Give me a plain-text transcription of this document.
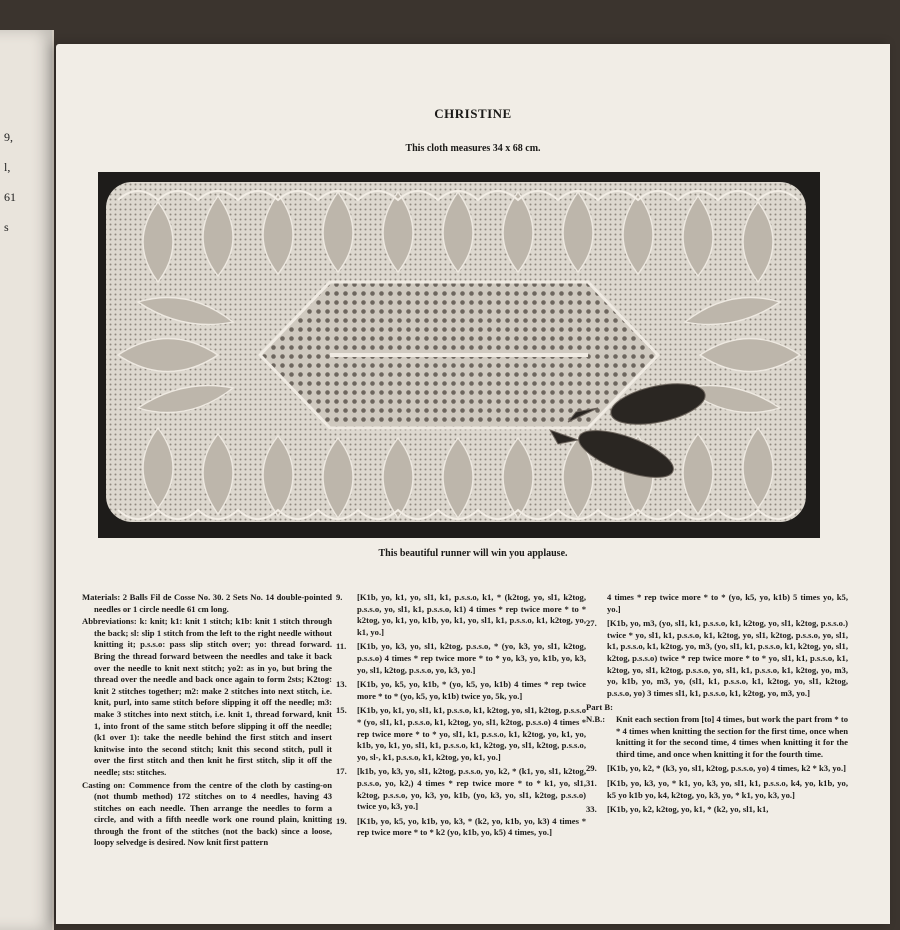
9,
l,
61
s
CHRISTINE
This cloth measures 34 x 68 cm.
This beautiful runner will win you applause.

Materials: 2 Balls Fil de Cosse No. 30. 2 Sets No. 14 double-pointed needles or 1 circle needle 61 cm long.

Abbreviations: k: knit; k1: knit 1 stitch; k1b: knit 1 stitch through the back; sl: slip 1 stitch from the left to the right needle without knitting it; p.s.s.o: pass slip stitch over; yo: thread forward. Bring the thread forward between the needles and take it back over the needle to knit next stitch; yo2: as in yo, but bring the thread over the needle and back once again to form 2sts; K2tog: knit 2 stitches together; m2: make 2 stitches into next stitch, i.e. knit, purl, into same stitch before slipping it off the needle; m3: make 3 stitches into next stitch, i.e. knit 1, thread forward, knit 1, into front of the same stitch before slipping it off the needle; (k1 over 1): take the needle behind the first stitch and insert knitwise into the second stitch; knit this second stitch, pull it over the first stitch and then knit he first stitch, slip it off the needle; sts: stitches.

Casting on: Commence from the centre of the cloth by casting-on (not thumb method) 172 stitches on to 4 needles, having 43 stitches on each needle. Then arrange the needles to form a circle, and with a fifth needle work one round plain, knitting through the front of the stitches (not the back) since a loose, loopy selvedge is desired. Now knit first pattern

9.	[K1b, yo, k1, yo, sl1, k1, p.s.s.o, k1, * (k2tog, yo, sl1, k2tog, p.s.s.o, yo, sl1, k1, p.s.s.o, k1) 4 times * rep twice more * to * k2tog, yo, k1, yo, k1b, yo, k1, yo, sl1, k1, p.s.s.o, k1, k2tog, yo, k1, yo.]
11.	[K1b, yo, k3, yo, sl1, k2tog, p.s.s.o, * (yo, k3, yo, sl1, k2tog, p.s.s.o) 4 times * rep twice more * to * yo, k3, yo, k1b, yo, k3, yo, sl1, k2tog, p.s.s.o, yo, k3, yo.]
13.	[K1b, yo, k5, yo, k1b, * (yo, k5, yo, k1b) 4 times * rep twice more * to * (yo, k5, yo, k1b) twice yo, 5k, yo.]
15.	[K1b, yo, k1, yo, sl1, k1, p.s.s.o, k1, k2tog, yo, sl1, k2tog, p.s.s.o * (yo, sl1, k1, p.s.s.o, k1, k2tog, yo, sl1, k2tog, p.s.s.o) 4 times * rep twice more * to * yo, sl1, k1, p.s.s.o, k1, k2tog, yo, k1, yo, k1b, yo, k1, yo, sl1, k1, p.s.s.o, k1, k2tog, yo, sl1, k2tog, p.s.s.o, yo, sl-, k1, p.s.s.o, k1, k2tog, yo, k1, yo.]
17.	[k1b, yo, k3, yo, sl1, k2tog, p.s.s.o, yo, k2, * (k1, yo, sl1, k2tog, p.s.s.o, yo, k2,) 4 times * rep twice more * to * k1, yo, sl1, k2tog, p.s.s.o, yo, k3, yo, k1b, (yo, k3, yo, sl1, k2tog, p.s.s.o) twice yo, k3, yo.]
19.	[K1b, yo, k5, yo, k1b, yo, k3, * (k2, yo, k1b, yo, k3) 4 times * rep twice more * to * k2 (yo, k1b, yo, k5) 4 times, yo.]
4 times * rep twice more * to * (yo, k5, yo, k1b) 5 times yo, k5, yo.]
27.	[K1b, yo, m3, (yo, sl1, k1, p.s.s.o, k1, k2tog, yo, sl1, k2tog, p.s.s.o.) twice * yo, sl1, k1, p.s.s.o, k1, k2tog, yo, sl1, k2tog, p.s.s.o, yo, sl1, k1, p.s.s.o, k1, k2tog, yo, m3, (yo, sl1, k1, p.s.s.o, k1, k2tog, yo, sl1, k2tog, p.s.s.o) twice * rep twice more * to * yo, sl1, k1, p.s.s.o, k1, k2tog, yo, sl1, k2tog, p.s.s.o, yo, sl1, k1, p.s.s.o, k1, k2tog, yo, m3, yo, k1b, yo, m3, yo, (sl1, k1, p.s.s.o, k1, k2tog, yo, sl1, k2tog, p.s.s.o, yo) 3 times sl1, k1, p.s.s.o, k1, k2tog, yo, m3, yo.]
Part B:
N.B.:	Knit each section from [to] 4 times, but work the part from * to * 4 times when knitting the section for the first time, once when knitting it for the second time, 4 times when knitting it for the third time, and once when knitting it for the fourth time.
29.	[K1b, yo, k2, * (k3, yo, sl1, k2tog, p.s.s.o, yo) 4 times, k2 * k3, yo.]
31.	[K1b, yo, k3, yo, * k1, yo, k3, yo, sl1, k1, p.s.s.o, k4, yo, k1b, yo, k5 yo k1b yo, k4, k2tog, yo, k3, yo, * k1, yo, k3, yo.]
33.	[K1b, yo, k2, k2tog, yo, k1, * (k2, yo, sl1, k1,
